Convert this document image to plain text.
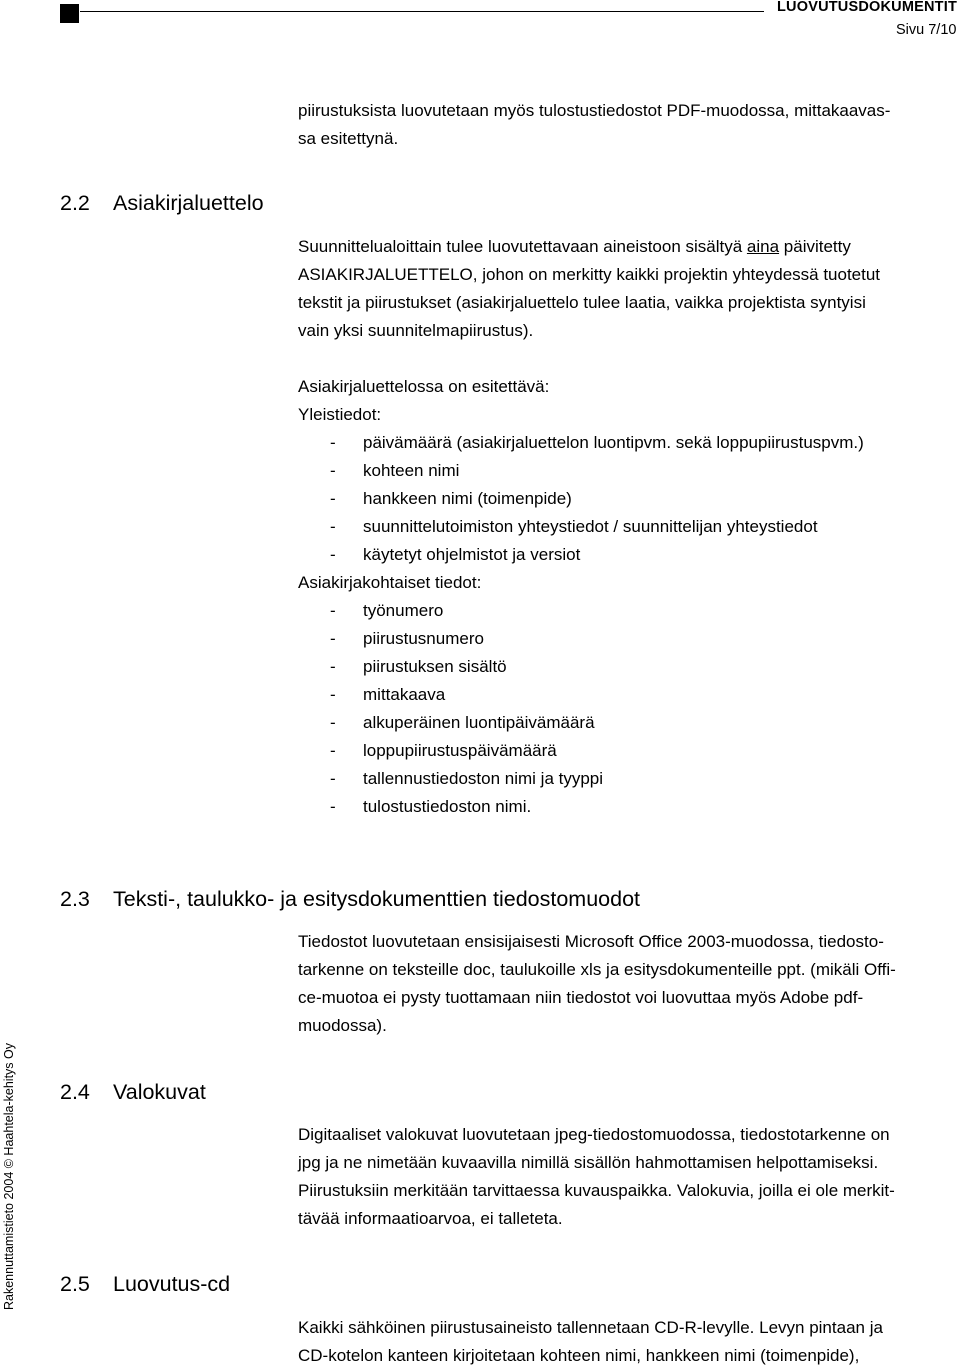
LUOVUTUSDOKUMENTIT
Sivu 7/10
piirustuksista luovutetaan myös tulostustiedostot PDF-muodossa, mittakaavas-
sa esitettynä.
2.2 Asiakirjaluettelo
Suunnittelualoittain tulee luovutettavaan aineistoon sisältyä aina päivitetty
ASIAKIRJALUETTELO, johon on merkitty kaikki projektin yhteydessä tuotetut
tekstit ja piirustukset (asiakirjaluettelo tulee laatia, vaikka projektista syntyisi
vain yksi suunnitelmapiirustus).
Asiakirjaluettelossa on esitettävä:
Yleistiedot:
- päivämäärä (asiakirjaluettelon luontipvm. sekä loppupiirustuspvm.)
- kohteen nimi
- hankkeen nimi (toimenpide)
- suunnittelutoimiston yhteystiedot / suunnittelijan yhteystiedot
- käytetyt ohjelmistot ja versiot
Asiakirjakohtaiset tiedot:
- työnumero
- piirustusnumero
- piirustuksen sisältö
- mittakaava
- alkuperäinen luontipäivämäärä
- loppupiirustuspäivämäärä
- tallennustiedoston nimi ja tyyppi
- tulostustiedoston nimi.
2.3 Teksti-, taulukko- ja esitysdokumenttien tiedostomuodot
Tiedostot luovutetaan ensisijaisesti Microsoft Office 2003-muodossa, tiedosto-
tarkenne on teksteille doc, taulukoille xls ja esitysdokumenteille ppt. (mikäli Offi-
ce-muotoa ei pysty tuottamaan niin tiedostot voi luovuttaa myös Adobe pdf-
muodossa).
2.4 Valokuvat
Digitaaliset valokuvat luovutetaan jpeg-tiedostomuodossa, tiedostotarkenne on
jpg ja ne nimetään kuvaavilla nimillä sisällön hahmottamisen helpottamiseksi.
Piirustuksiin merkitään tarvittaessa kuvauspaikka. Valokuvia, joilla ei ole merkit-
tävää informaatioarvoa, ei talleteta.
2.5 Luovutus-cd
Kaikki sähköinen piirustusaineisto tallennetaan CD-R-levylle. Levyn pintaan ja
CD-kotelon kanteen kirjoitetaan kohteen nimi, hankkeen nimi (toimenpide),
Rakennuttamistieto 2004 © Haahtela-kehitys Oy
